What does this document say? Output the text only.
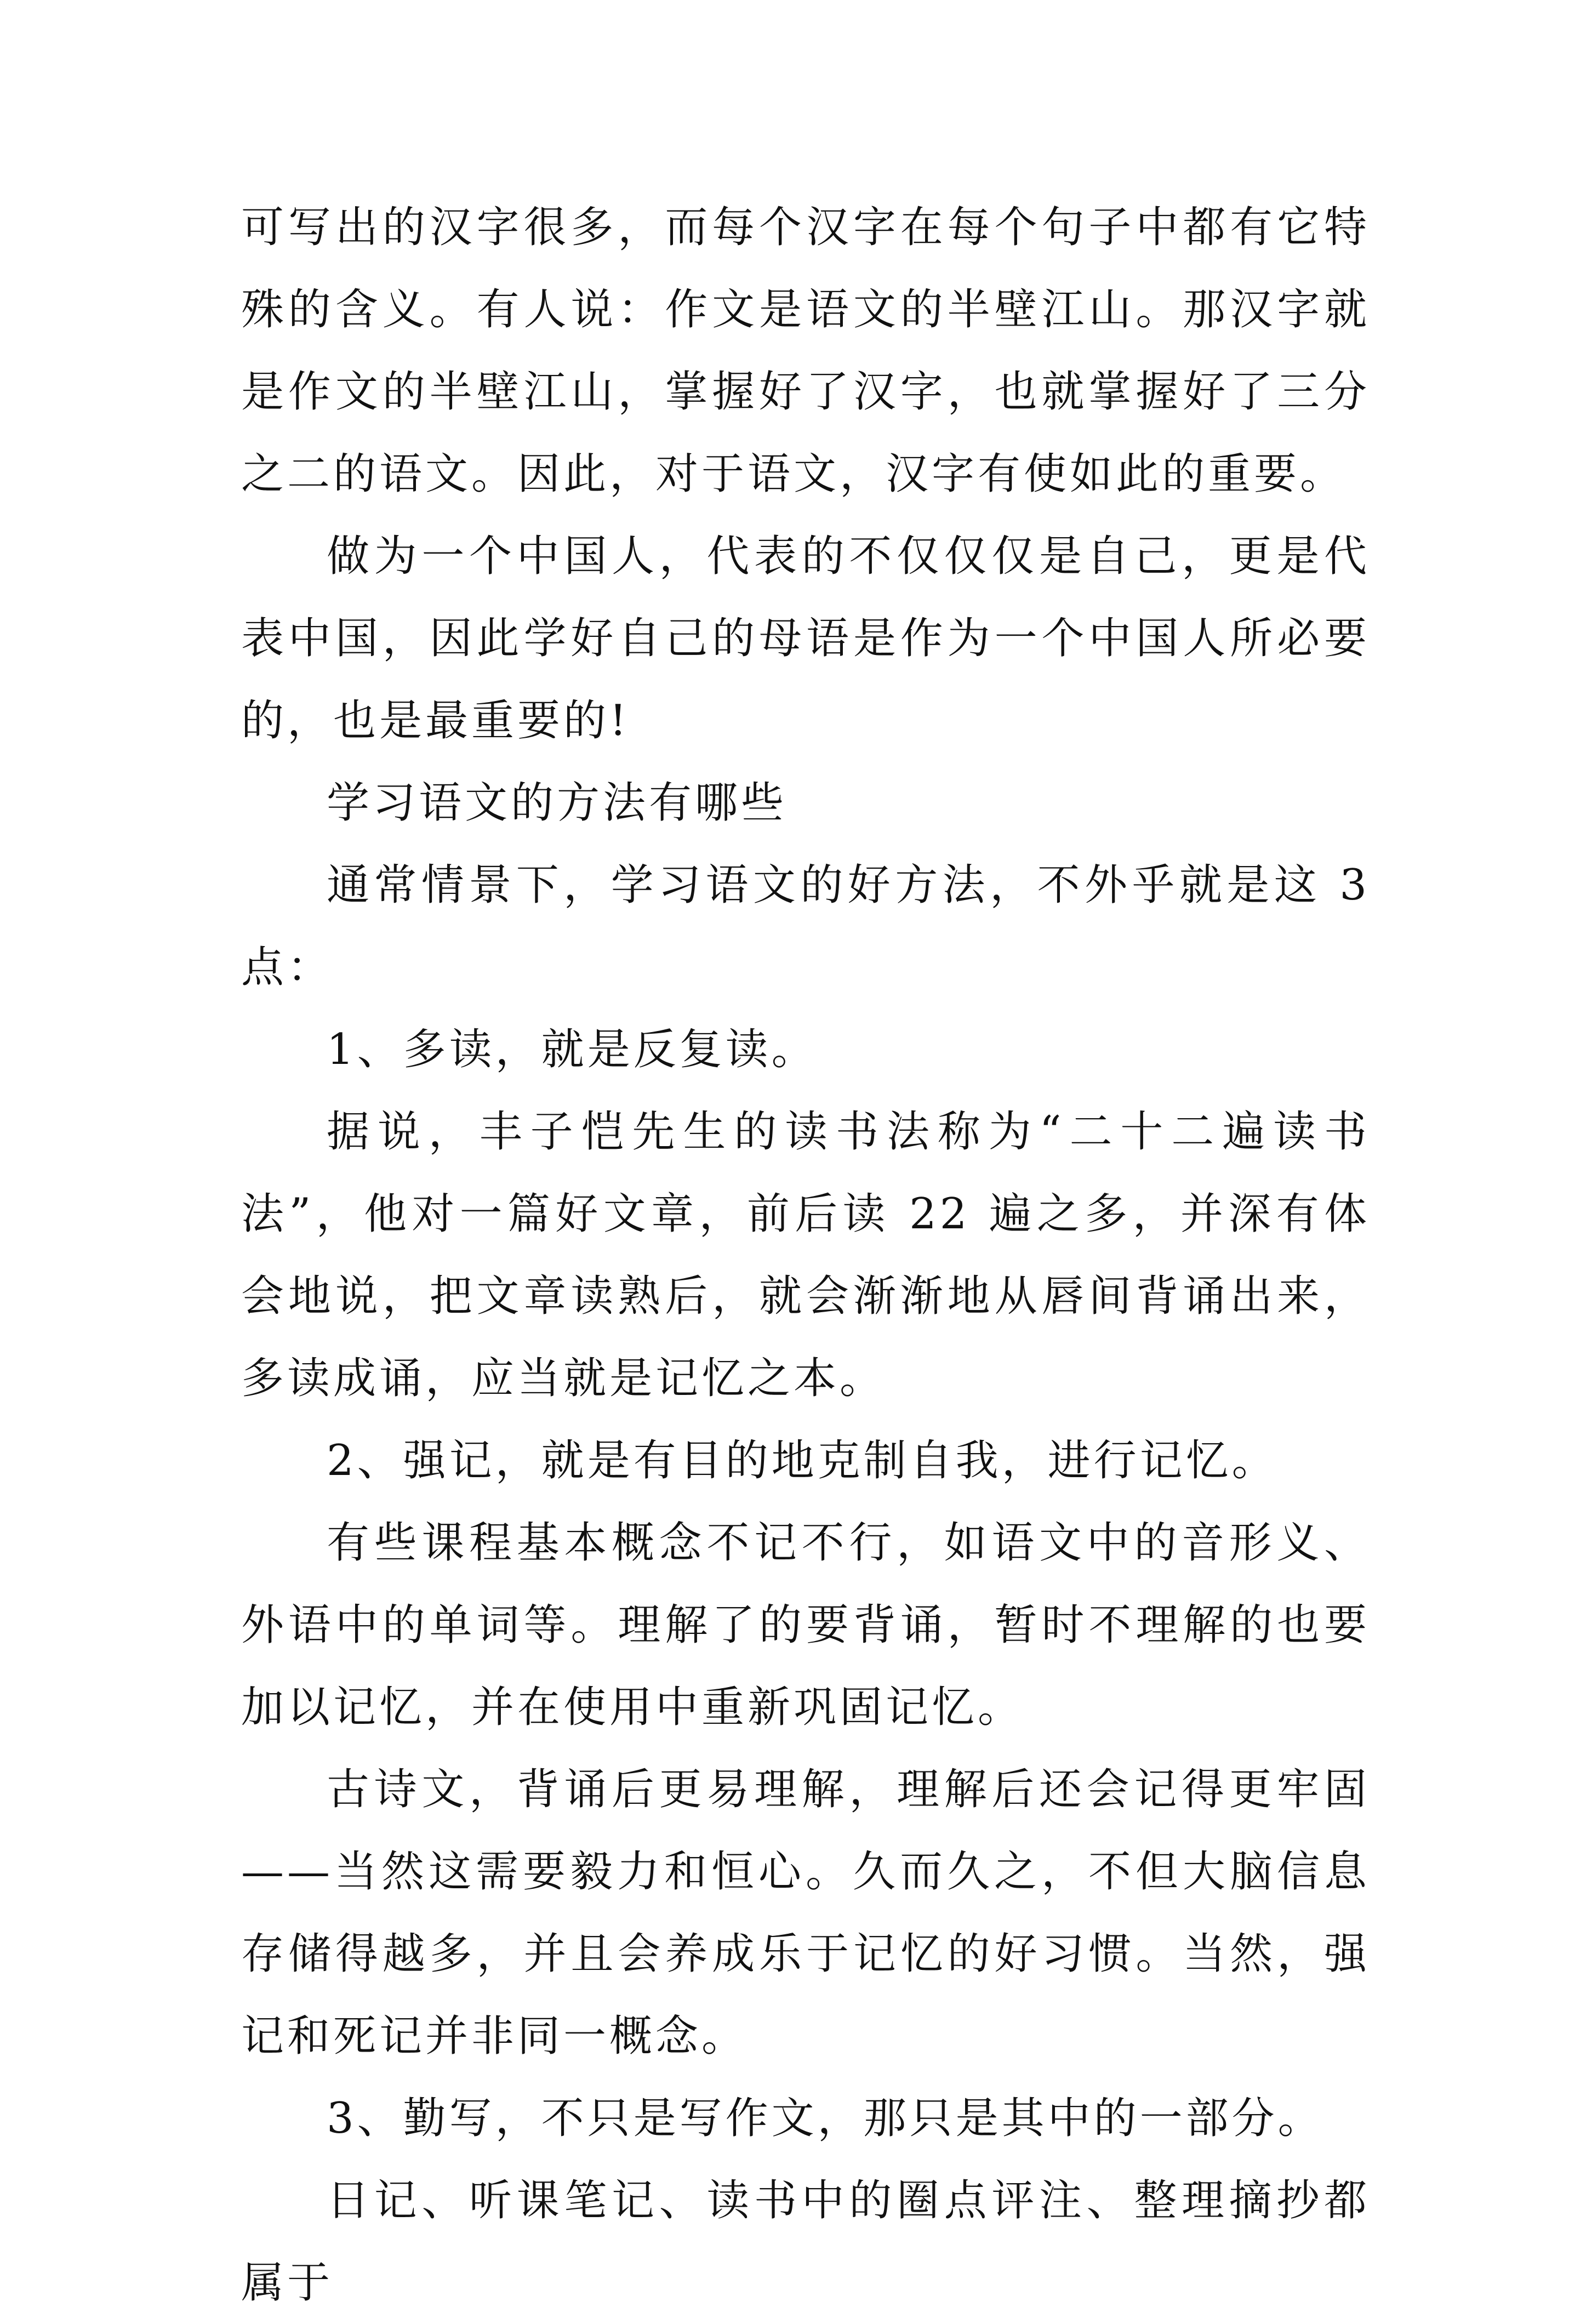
可写出的汉字很多，而每个汉字在每个句子中都有它特殊的含义。有人说：作文是语文的半壁江山。那汉字就是作文的半壁江山，掌握好了汉字，也就掌握好了三分之二的语文。因此，对于语文，汉字有使如此的重要。

做为一个中国人，代表的不仅仅仅是自己，更是代表中国，因此学好自己的母语是作为一个中国人所必要的，也是最重要的!

学习语文的方法有哪些

通常情景下，学习语文的好方法，不外乎就是这 3 点：

1、多读，就是反复读。

据说，丰子恺先生的读书法称为“二十二遍读书法”，他对一篇好文章，前后读 22 遍之多，并深有体会地说，把文章读熟后，就会渐渐地从唇间背诵出来，多读成诵，应当就是记忆之本。

2、强记，就是有目的地克制自我，进行记忆。

有些课程基本概念不记不行，如语文中的音形义、外语中的单词等。理解了的要背诵，暂时不理解的也要加以记忆，并在使用中重新巩固记忆。

古诗文，背诵后更易理解，理解后还会记得更牢固——当然这需要毅力和恒心。久而久之，不但大脑信息存储得越多，并且会养成乐于记忆的好习惯。当然，强记和死记并非同一概念。

3、勤写，不只是写作文，那只是其中的一部分。

日记、听课笔记、读书中的圈点评注、整理摘抄都属于
